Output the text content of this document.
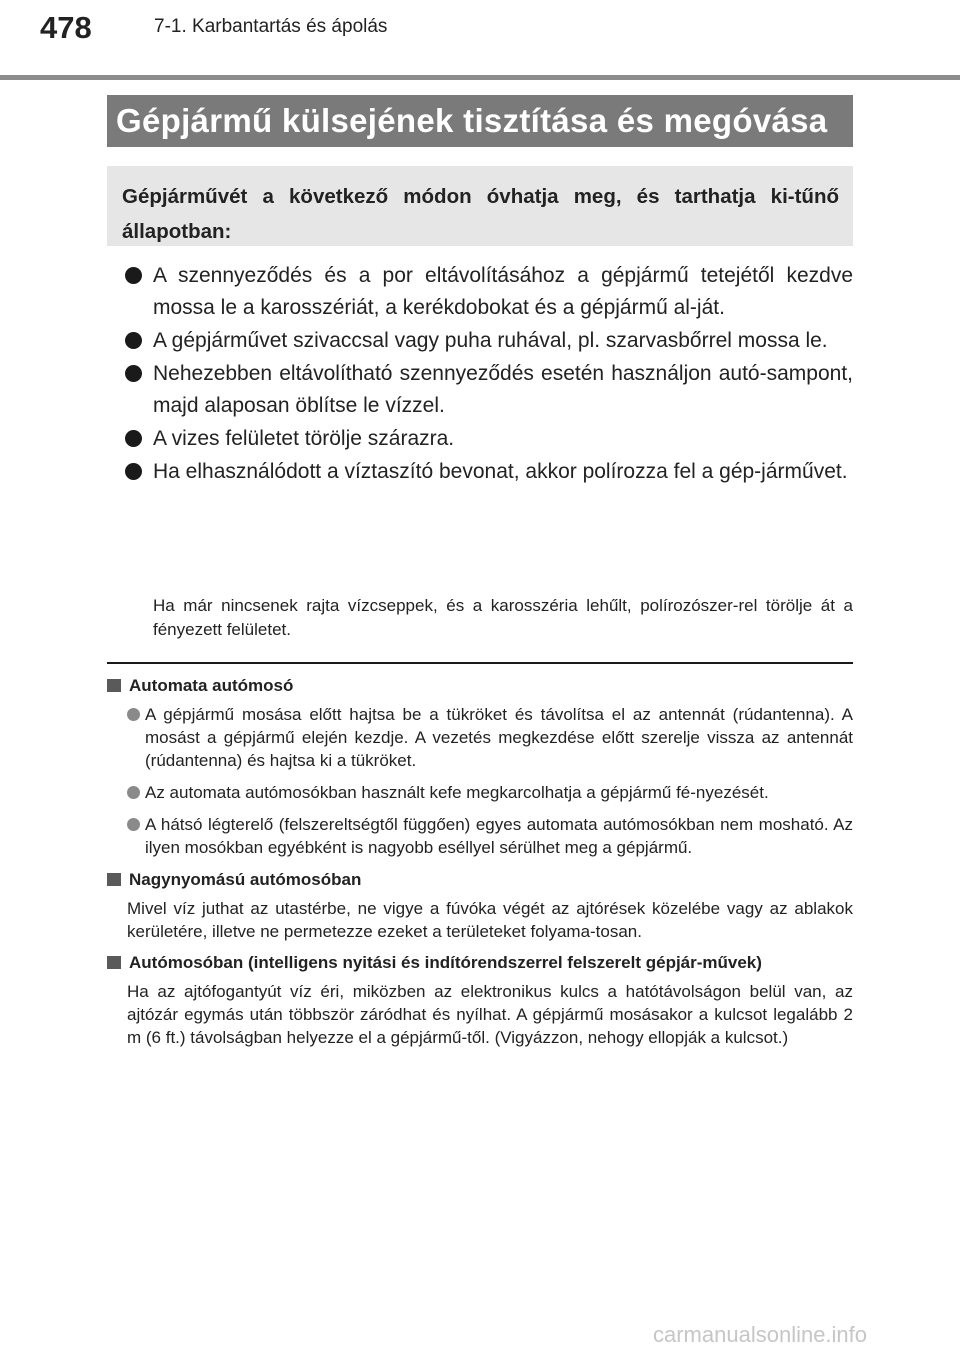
478	7-1. Karbantartás és ápolás
Gépjármű külsejének tisztítása és megóvása

Gépjárművét a következő módon óvhatja meg, és tarthatja ki-tűnő állapotban:

A szennyeződés és a por eltávolításához a gépjármű tetejétől kezdve mossa le a karosszériát, a kerékdobokat és a gépjármű al-ját.
A gépjárművet szivaccsal vagy puha ruhával, pl. szarvasbőrrel mossa le.
Nehezebben eltávolítható szennyeződés esetén használjon autó-sampont, majd alaposan öblítse le vízzel.
A vizes felületet törölje szárazra.
Ha elhasználódott a víztaszító bevonat, akkor polírozza fel a gép-járművet.

Ha már nincsenek rajta vízcseppek, és a karosszéria lehűlt, polírozószer-rel törölje át a fényezett felületet.

Automata autómosó
A gépjármű mosása előtt hajtsa be a tükröket és távolítsa el az antennát (rúdantenna). A mosást a gépjármű elején kezdje. A vezetés megkezdése előtt szerelje vissza az antennát (rúdantenna) és hajtsa ki a tükröket.
Az automata autómosókban használt kefe megkarcolhatja a gépjármű fé-nyezését.
A hátsó légterelő (felszereltségtől függően) egyes automata autómosókban nem mosható. Az ilyen mosókban egyébként is nagyobb eséllyel sérülhet meg a gépjármű.
Nagynyomású autómosóban

Mivel víz juthat az utastérbe, ne vigye a fúvóka végét az ajtórések közelébe vagy az ablakok kerületére, illetve ne permetezze ezeket a területeket folyama-tosan.

Autómosóban (intelligens nyitási és indítórendszerrel felszerelt gépjár-művek)

Ha az ajtófogantyút víz éri, miközben az elektronikus kulcs a hatótávolságon belül van, az ajtózár egymás után többször záródhat és nyílhat. A gépjármű mosásakor a kulcsot legalább 2 m (6 ft.) távolságban helyezze el a gépjármű-től. (Vigyázzon, nehogy ellopják a kulcsot.)

carmanualsonline.info
